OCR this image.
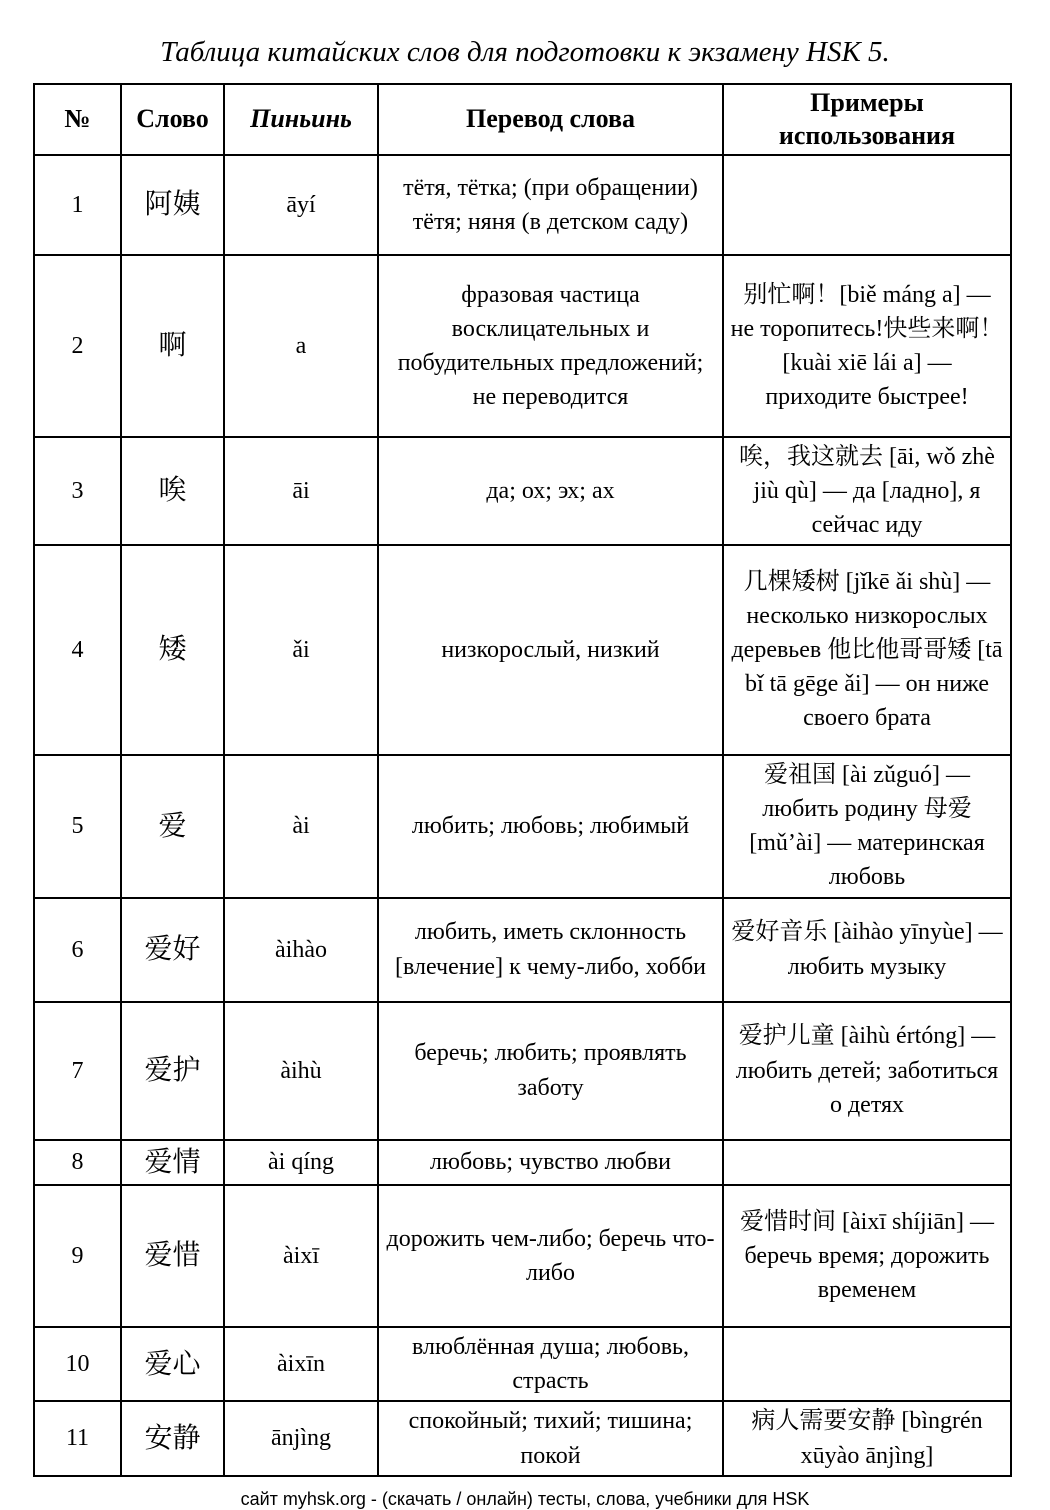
Таблица китайских слов для подготовки к экзамену HSK 5.
№	Слово	Пиньинь	Перевод слова	Примеры использования
1	阿姨	āyí	тётя, тётка; (при обращении) тётя; няня (в детском саду)	
2	啊	a	фразовая частица восклицательных и побудительных предложений; не переводится	别忙啊！[biě máng a] — не торопитесь!快些来啊！[kuài xiē lái a] — приходите быстрее!
3	唉	āi	да; ох; эх; ах	唉，我这就去 [āi, wǒ zhè jiù qù] — да [ладно], я сейчас иду
4	矮	ǎi	низкорослый, низкий	几棵矮树 [jǐkē ǎi shù] — несколько низкорослых деревьев 他比他哥哥矮 [tā bǐ tā gēge ǎi] — он ниже своего брата
5	爱	ài	любить; любовь; любимый	爱祖国 [ài zǔguó] — любить родину 母爱 [mǔ’ài] — материнская любовь
6	爱好	àihào	любить, иметь склонность [влечение] к чему-либо, хобби	爱好音乐 [àihào yīnyùe] — любить музыку
7	爱护	àihù	беречь; любить; проявлять заботу	爱护儿童 [àihù értóng] — любить детей; заботиться о детях
8	爱情	ài qíng	любовь; чувство любви	
9	爱惜	àixī	дорожить чем-либо; беречь что-либо	爱惜时间 [àixī shíjiān] — беречь время; дорожить временем
10	爱心	àixīn	влюблённая душа; любовь, страсть	
11	安静	ānjìng	спокойный; тихий; тишина; покой	病人需要安静 [bìngrén xūyào ānjìng]
сайт myhsk.org - (скачать / онлайн) тесты, слова, учебники для HSK
